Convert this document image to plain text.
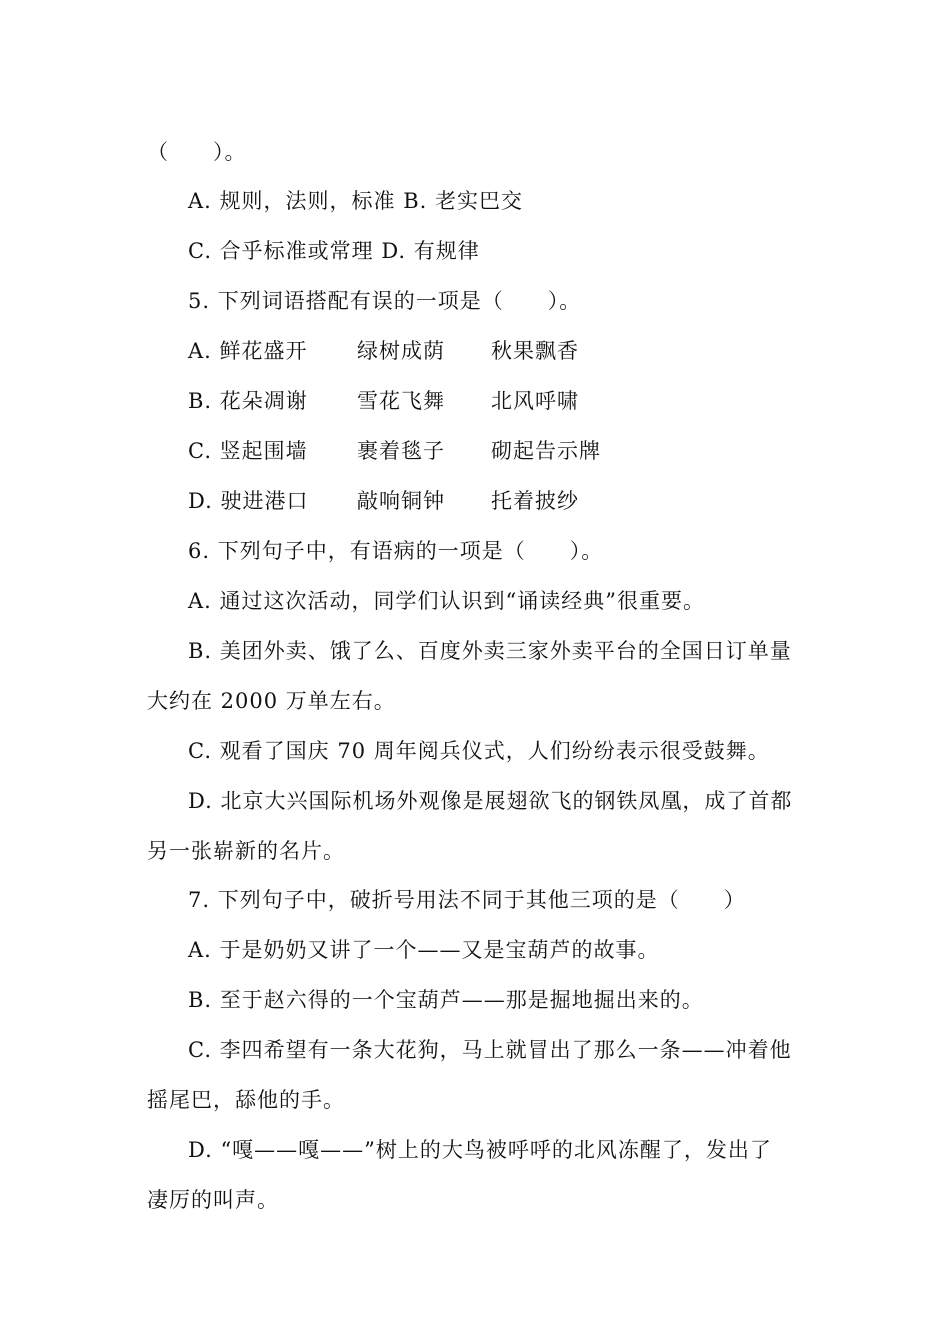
（　　）。
A. 规则，法则，标准 B. 老实巴交
C. 合乎标准或常理 D. 有规律
5. 下列词语搭配有误的一项是（　　）。
A. 鲜花盛开 绿树成荫 秋果飘香
B. 花朵凋谢 雪花飞舞 北风呼啸
C. 竖起围墙 裹着毯子 砌起告示牌
D. 驶进港口 敲响铜钟 托着披纱
6. 下列句子中，有语病的一项是（　　）。
A. 通过这次活动，同学们认识到“诵读经典”很重要。
B. 美团外卖、饿了么、百度外卖三家外卖平台的全国日订单量
大约在 2000 万单左右。
C. 观看了国庆 70 周年阅兵仪式，人们纷纷表示很受鼓舞。
D. 北京大兴国际机场外观像是展翅欲飞的钢铁凤凰，成了首都
另一张崭新的名片。
7. 下列句子中，破折号用法不同于其他三项的是（　　）
A. 于是奶奶又讲了一个——又是宝葫芦的故事。
B. 至于赵六得的一个宝葫芦——那是掘地掘出来的。
C. 李四希望有一条大花狗，马上就冒出了那么一条——冲着他
摇尾巴，舔他的手。
D. “嘎——嘎——”树上的大鸟被呼呼的北风冻醒了，发出了
凄厉的叫声。
